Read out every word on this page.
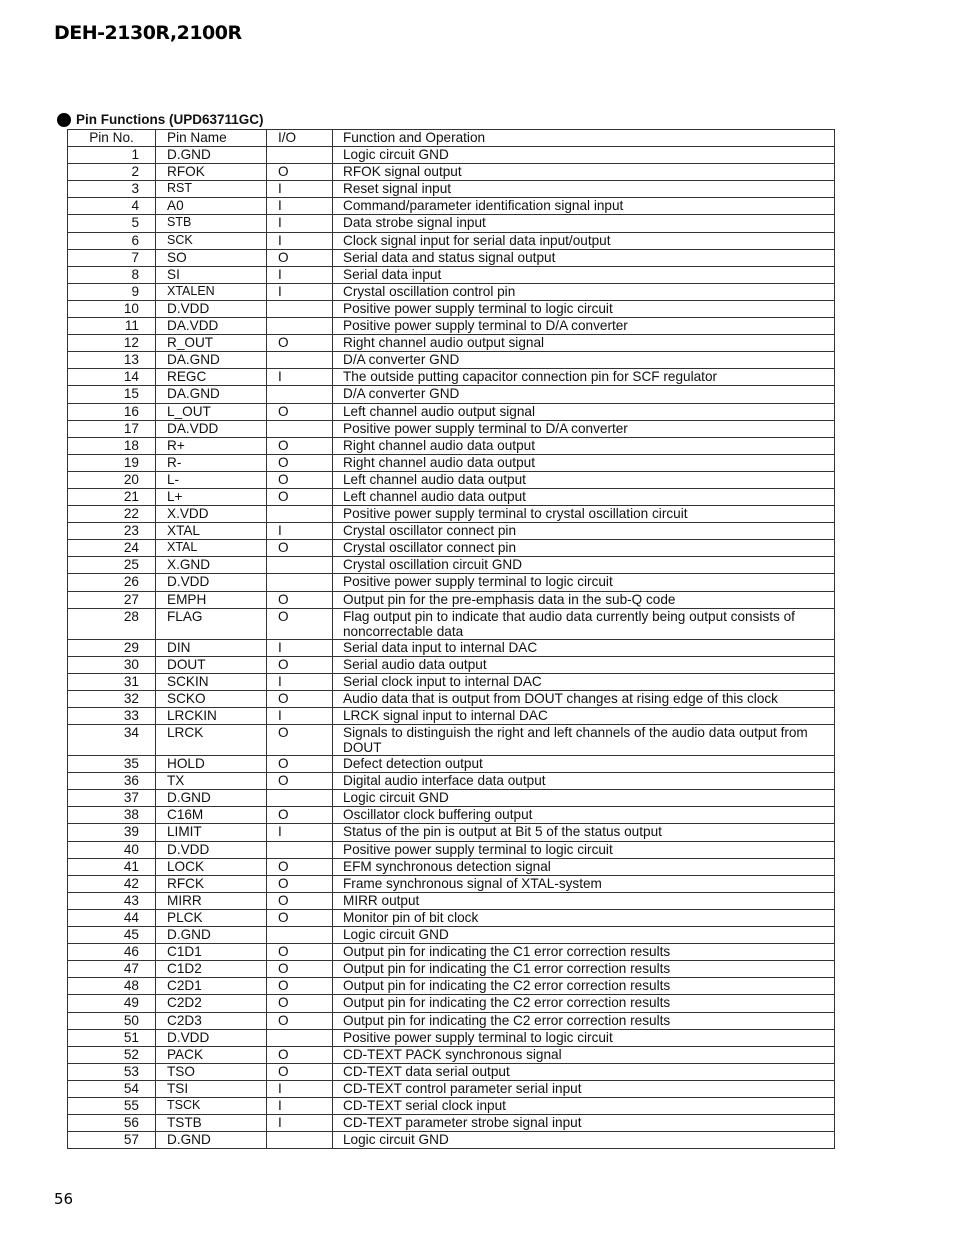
DEH-2130R,2100R
Pin Functions (UPD63711GC)
Pin No.	Pin Name	I/O	Function and Operation
1	D.GND		Logic circuit GND
2	RFOK	O	RFOK signal output
3	$\overline{RST}$	I	Reset signal input
4	A0	I	Command/parameter identification signal input
5	$\overline{STB}$	I	Data strobe signal input
6	$\overline{SCK}$	I	Clock signal input for serial data input/output
7	SO	O	Serial data and status signal output
8	SI	I	Serial data input
9	XTALEN	I	Crystal oscillation control pin
10	D.VDD		Positive power supply terminal to logic circuit
11	DA.VDD		Positive power supply terminal to D/A converter
12	R_OUT	O	Right channel audio output signal
13	DA.GND		D/A converter GND
14	REGC	I	The outside putting capacitor connection pin for SCF regulator
15	DA.GND		D/A converter GND
16	L_OUT	O	Left channel audio output signal
17	DA.VDD		Positive power supply terminal to D/A converter
18	R+	O	Right channel audio data output
19	R-	O	Right channel audio data output
20	L-	O	Left channel audio data output
21	L+	O	Left channel audio data output
22	X.VDD		Positive power supply terminal to crystal oscillation circuit
23	XTAL	I	Crystal oscillator connect pin
24	XTAL	O	Crystal oscillator connect pin
25	X.GND		Crystal oscillation circuit GND
26	D.VDD		Positive power supply terminal to logic circuit
27	EMPH	O	Output pin for the pre-emphasis data in the sub-Q code
28	FLAG	O	Flag output pin to indicate that audio data currently being output consists of noncorrectable data
29	DIN	I	Serial data input to internal DAC
30	DOUT	O	Serial audio data output
31	SCKIN	I	Serial clock input to internal DAC
32	SCKO	O	Audio data that is output from DOUT changes at rising edge of this clock
33	LRCKIN	I	LRCK signal input to internal DAC
34	LRCK	O	Signals to distinguish the right and left channels of the audio data output from DOUT
35	HOLD	O	Defect detection output
36	TX	O	Digital audio interface data output
37	D.GND		Logic circuit GND
38	C16M	O	Oscillator clock buffering output
39	LIMIT	I	Status of the pin is output at Bit 5 of the status output
40	D.VDD		Positive power supply terminal to logic circuit
41	LOCK	O	EFM synchronous detection signal
42	RFCK	O	Frame synchronous signal of XTAL-system
43	MIRR	O	MIRR output
44	PLCK	O	Monitor pin of bit clock
45	D.GND		Logic circuit GND
46	C1D1	O	Output pin for indicating the C1 error correction results
47	C1D2	O	Output pin for indicating the C1 error correction results
48	C2D1	O	Output pin for indicating the C2 error correction results
49	C2D2	O	Output pin for indicating the C2 error correction results
50	C2D3	O	Output pin for indicating the C2 error correction results
51	D.VDD		Positive power supply terminal to logic circuit
52	PACK	O	CD-TEXT PACK synchronous signal
53	TSO	O	CD-TEXT data serial output
54	TSI	I	CD-TEXT control parameter serial input
55	TSCK	I	CD-TEXT serial clock input
56	TSTB	I	CD-TEXT parameter strobe signal input
57	D.GND		Logic circuit GND
56
